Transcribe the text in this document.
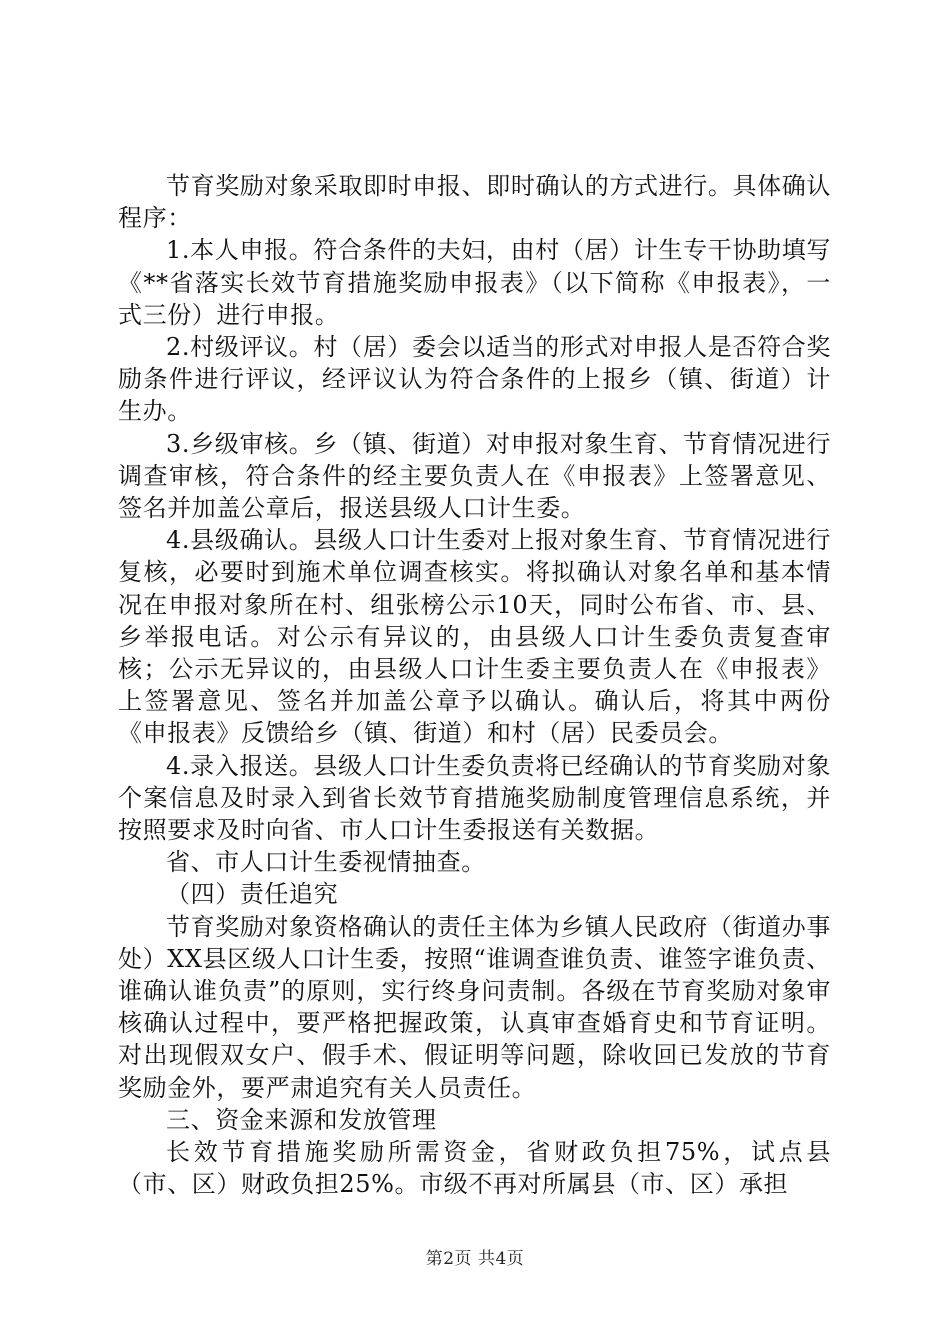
节育奖励对象采取即时申报、即时确认的方式进行。具体确认程序：

1.本人申报。符合条件的夫妇，由村（居）计生专干协助填写《**省落实长效节育措施奖励申报表》（以下简称《申报表》，一式三份）进行申报。

2.村级评议。村（居）委会以适当的形式对申报人是否符合奖励条件进行评议，经评议认为符合条件的上报乡（镇、街道）计生办。

3.乡级审核。乡（镇、街道）对申报对象生育、节育情况进行调查审核，符合条件的经主要负责人在《申报表》上签署意见、签名并加盖公章后，报送县级人口计生委。

4.县级确认。县级人口计生委对上报对象生育、节育情况进行复核，必要时到施术单位调查核实。将拟确认对象名单和基本情况在申报对象所在村、组张榜公示10天，同时公布省、市、县、乡举报电话。对公示有异议的，由县级人口计生委负责复查审核；公示无异议的，由县级人口计生委主要负责人在《申报表》上签署意见、签名并加盖公章予以确认。确认后，将其中两份《申报表》反馈给乡（镇、街道）和村（居）民委员会。

4.录入报送。县级人口计生委负责将已经确认的节育奖励对象个案信息及时录入到省长效节育措施奖励制度管理信息系统，并按照要求及时向省、市人口计生委报送有关数据。

省、市人口计生委视情抽查。

（四）责任追究

节育奖励对象资格确认的责任主体为乡镇人民政府（街道办事处）XX县区级人口计生委，按照“谁调查谁负责、谁签字谁负责、谁确认谁负责”的原则，实行终身问责制。各级在节育奖励对象审核确认过程中，要严格把握政策，认真审查婚育史和节育证明。对出现假双女户、假手术、假证明等问题，除收回已发放的节育奖励金外，要严肃追究有关人员责任。

三、资金来源和发放管理

长效节育措施奖励所需资金，省财政负担75%，试点县（市、区）财政负担25%。市级不再对所属县（市、区）承担

第2页 共4页
